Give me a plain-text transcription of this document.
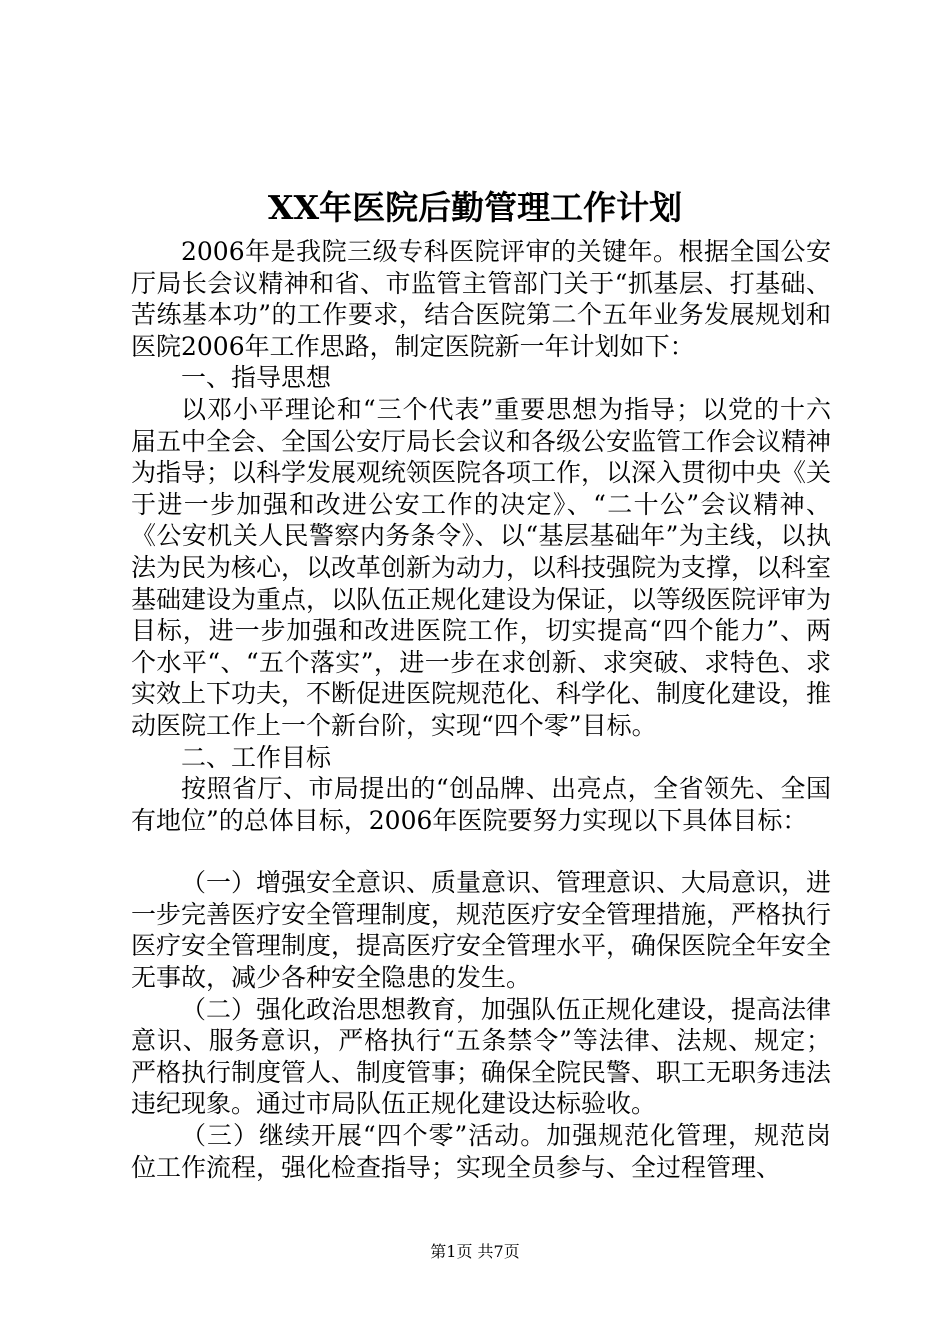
XX年医院后勤管理工作计划

2006年是我院三级专科医院评审的关键年。根据全国公安厅局长会议精神和省、市监管主管部门关于“抓基层、打基础、苦练基本功”的工作要求，结合医院第二个五年业务发展规划和医院2006年工作思路，制定医院新一年计划如下：

一、指导思想

以邓小平理论和“三个代表”重要思想为指导；以党的十六届五中全会、全国公安厅局长会议和各级公安监管工作会议精神为指导；以科学发展观统领医院各项工作，以深入贯彻中央《关于进一步加强和改进公安工作的决定》、“二十公”会议精神、《公安机关人民警察内务条令》、以“基层基础年”为主线，以执法为民为核心，以改革创新为动力，以科技强院为支撑，以科室基础建设为重点，以队伍正规化建设为保证，以等级医院评审为目标，进一步加强和改进医院工作，切实提高“四个能力”、两个水平“、“五个落实”，进一步在求创新、求突破、求特色、求实效上下功夫，不断促进医院规范化、科学化、制度化建设，推动医院工作上一个新台阶，实现“四个零”目标。

二、工作目标

按照省厅、市局提出的“创品牌、出亮点，全省领先、全国有地位”的总体目标，2006年医院要努力实现以下具体目标：

（一）增强安全意识、质量意识、管理意识、大局意识，进一步完善医疗安全管理制度，规范医疗安全管理措施，严格执行医疗安全管理制度，提高医疗安全管理水平，确保医院全年安全无事故，减少各种安全隐患的发生。

（二）强化政治思想教育，加强队伍正规化建设，提高法律意识、服务意识，严格执行“五条禁令”等法律、法规、规定；严格执行制度管人、制度管事；确保全院民警、职工无职务违法违纪现象。通过市局队伍正规化建设达标验收。

（三）继续开展“四个零”活动。加强规范化管理，规范岗位工作流程，强化检查指导；实现全员参与、全过程管理、

第1页 共7页
